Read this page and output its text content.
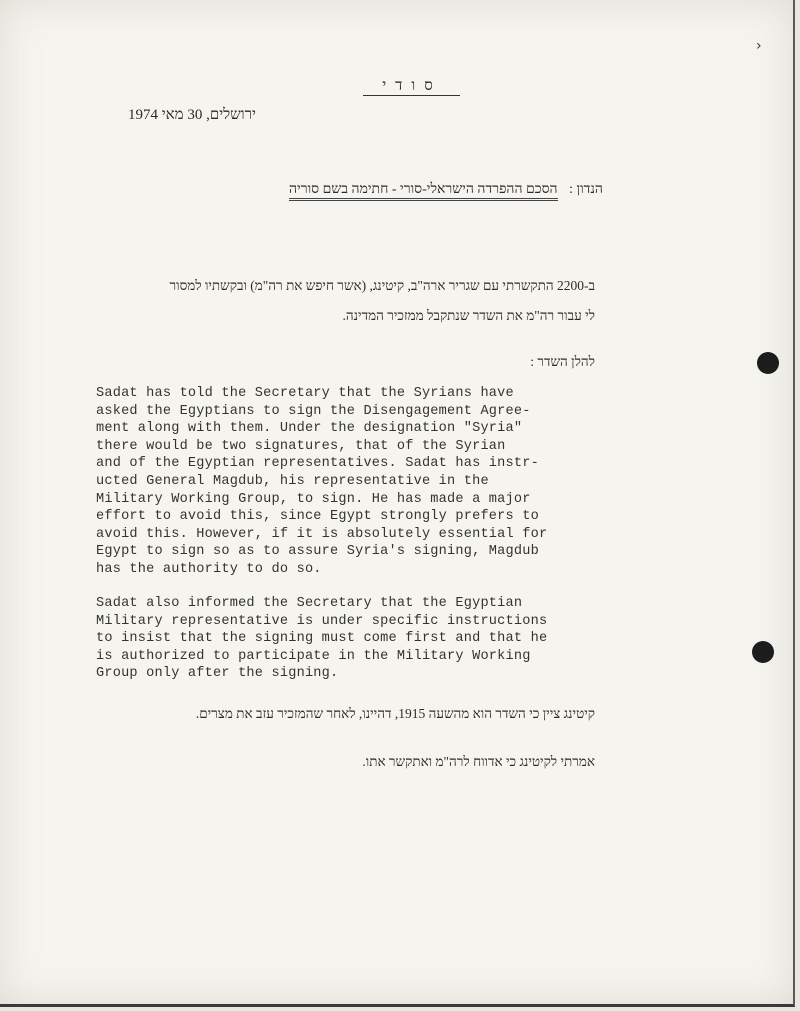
›
סודי
ירושלים, 30 מאי 1974
הנדון : הסכם ההפרדה הישראלי-סורי - חתימה בשם סוריה
ב-2200 התקשרתי עם שגריר ארה"ב, קיטינג, (אשר חיפש את רה"מ) ובקשתיו למסור
לי עבור רה"מ את השדר שנתקבל ממזכיר המדינה.
להלן השדר :
Sadat has told the Secretary that the Syrians have
asked the Egyptians to sign the Disengagement Agree-
ment along with them. Under the designation "Syria"
there would be two signatures, that of the Syrian
and of the Egyptian representatives. Sadat has instr-
ucted General Magdub, his representative in the
Military Working Group, to sign. He has made a major
effort to avoid this, since Egypt strongly prefers to
avoid this. However, if it is absolutely essential for
Egypt to sign so as to assure Syria's signing, Magdub
has the authority to do so.
Sadat also informed the Secretary that the Egyptian
Military representative is under specific instructions
to insist that the signing must come first and that he
is authorized to participate in the Military Working
Group only after the signing.
קיטינג ציין כי השדר הוא מהשעה 1915, דהיינו, לאחר שהמזכיר עזב את מצרים.
אמרתי לקיטינג כי אדווח לרה"מ ואתקשר אתו.
